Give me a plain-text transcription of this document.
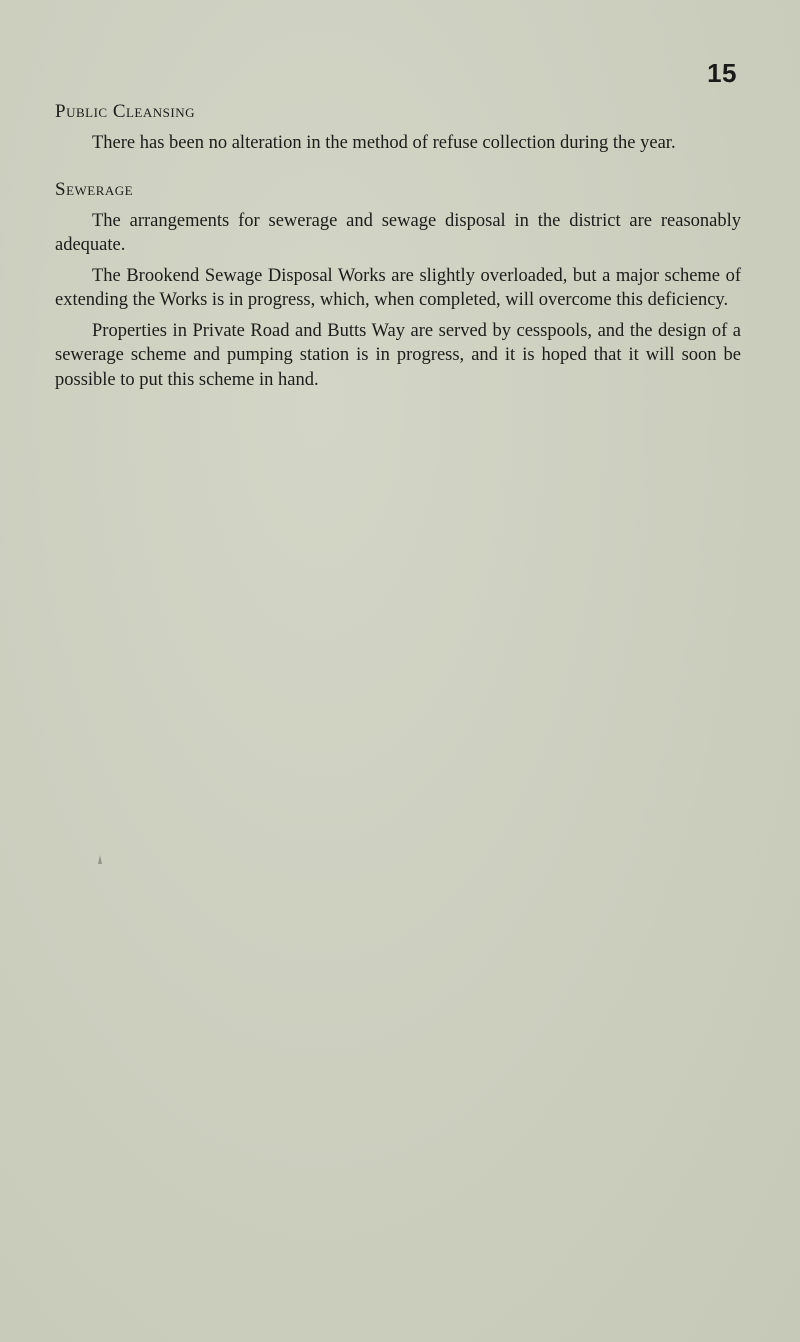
15
Public Cleansing

There has been no alteration in the method of refuse collection during the year.

Sewerage

The arrangements for sewerage and sewage disposal in the district are reasonably adequate.

The Brookend Sewage Disposal Works are slightly overloaded, but a major scheme of extending the Works is in progress, which, when completed, will overcome this deficiency.

Properties in Private Road and Butts Way are served by cesspools, and the design of a sewerage scheme and pumping station is in progress, and it is hoped that it will soon be possible to put this scheme in hand.
